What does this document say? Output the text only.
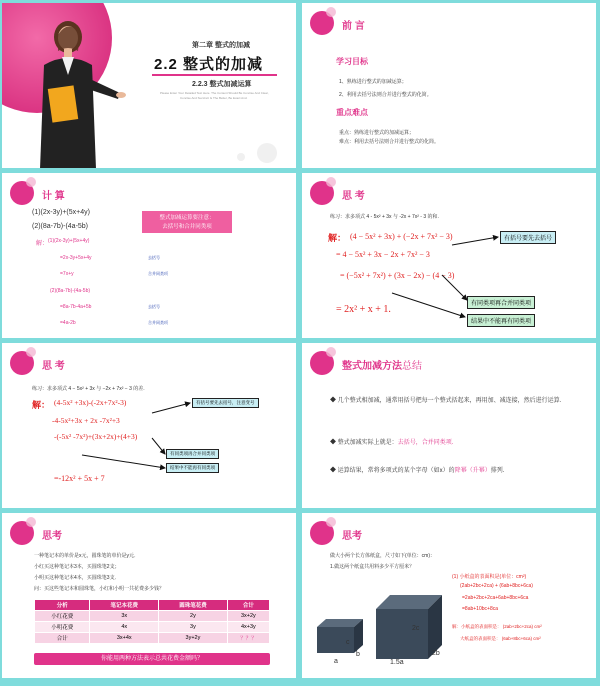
第二章 整式的加减
2.2 整式的加减
2.2.3 整式加减运算
Please Enter Your Detailed Text Here. The Content Should Be Concise And Clear,
Concise And Succinct Is The Better, Be Exact And.
前 言
学习目标
1、熟练进行整式的加减运算；
2、利用去括号法则合并进行整式的化简。
重点难点
重点：熟练进行整式的加减运算；
难点：利用去括号法则合并进行整式的化简。
计 算
(1)(2x-3y)+(5x+4y)
(2)(8a-7b)-(4a-5b)
整式加减运算要注意：
去括号和合并同类项
解： (1)(2x-3y)+(5x+4y)
=2x-3y+5x+4y
=7x+y
(2)(8a-7b)-(4a-5b)
=8a-7b-4a+5b
=4a-2b
去括号
合并同类项
去括号
合并同类项
思 考
练习：求多项式 4 - 5x² + 3x 与 -2x + 7x² - 3 的和.
解： (4 − 5x² + 3x) + (−2x + 7x² − 3)
= 4 − 5x² + 3x − 2x + 7x² − 3
= (−5x² + 7x²) + (3x − 2x) − (4 − 3)
= 2x² + x + 1.
有括号要先去括号
有同类项再合并同类项
结果中不能再有同类项
思 考
练习：求多项式 4 − 5x² + 3x 与 −2x + 7x² − 3 的差.
解： (4-5x² +3x)-(-2x+7x²-3)
-4-5x²+3x + 2x -7x²+3
-(-5x² -7x²)+(3x+2x)+(4+3)
=-12x² + 5x + 7
有括号要先去括号，注意变号
有同类项再合并同类项
结果中不能再有同类项
整式加减方法总结
◆ 几个整式相加减，通常用括号把每一个整式括起来，再用加、减连接，然后进行运算．
◆ 整式加减实际上就是：去括号，合并同类项.
◆ 运算结果，常将多项式的某个字母（如x）的降幂（升幂）排列.
思考
一种笔记本的单价是x元，圆珠笔的单价是y元．
小红买这种笔记本3本，买圆珠笔2支；
小明买这种笔记本4本，买圆珠笔3支．
问：买这些笔记本和圆珠笔，小红和小明一共花费多少钱？
分析	笔记本花费	圆珠笔花费	合计
小红花费	3x	2y	3x+2y
小明花费	4x	3y	4x+3y
合计	3x+4x	3y+2y	？？？
你能用两种方法表示总共花费金额吗？
思考
做大小两个长方体纸盒，尺寸如下(单位：cm)：
1.做这两个纸盒共用料多少平方厘米？
c
b
a
2c
2b
1.5a
(1) 小纸盒的表面积是(单位：cm²)
(2ab+2bc+2ca) + (6ab+8bc+6ca)
=2ab+2bc+2ca+6ab+8bc+6ca
=8ab+10bc+8ca
解：小纸盒的表面积是： (2ab+2bc+2ca) cm²
大纸盒的表面积是： (6ab+8bc+6ca) cm²
